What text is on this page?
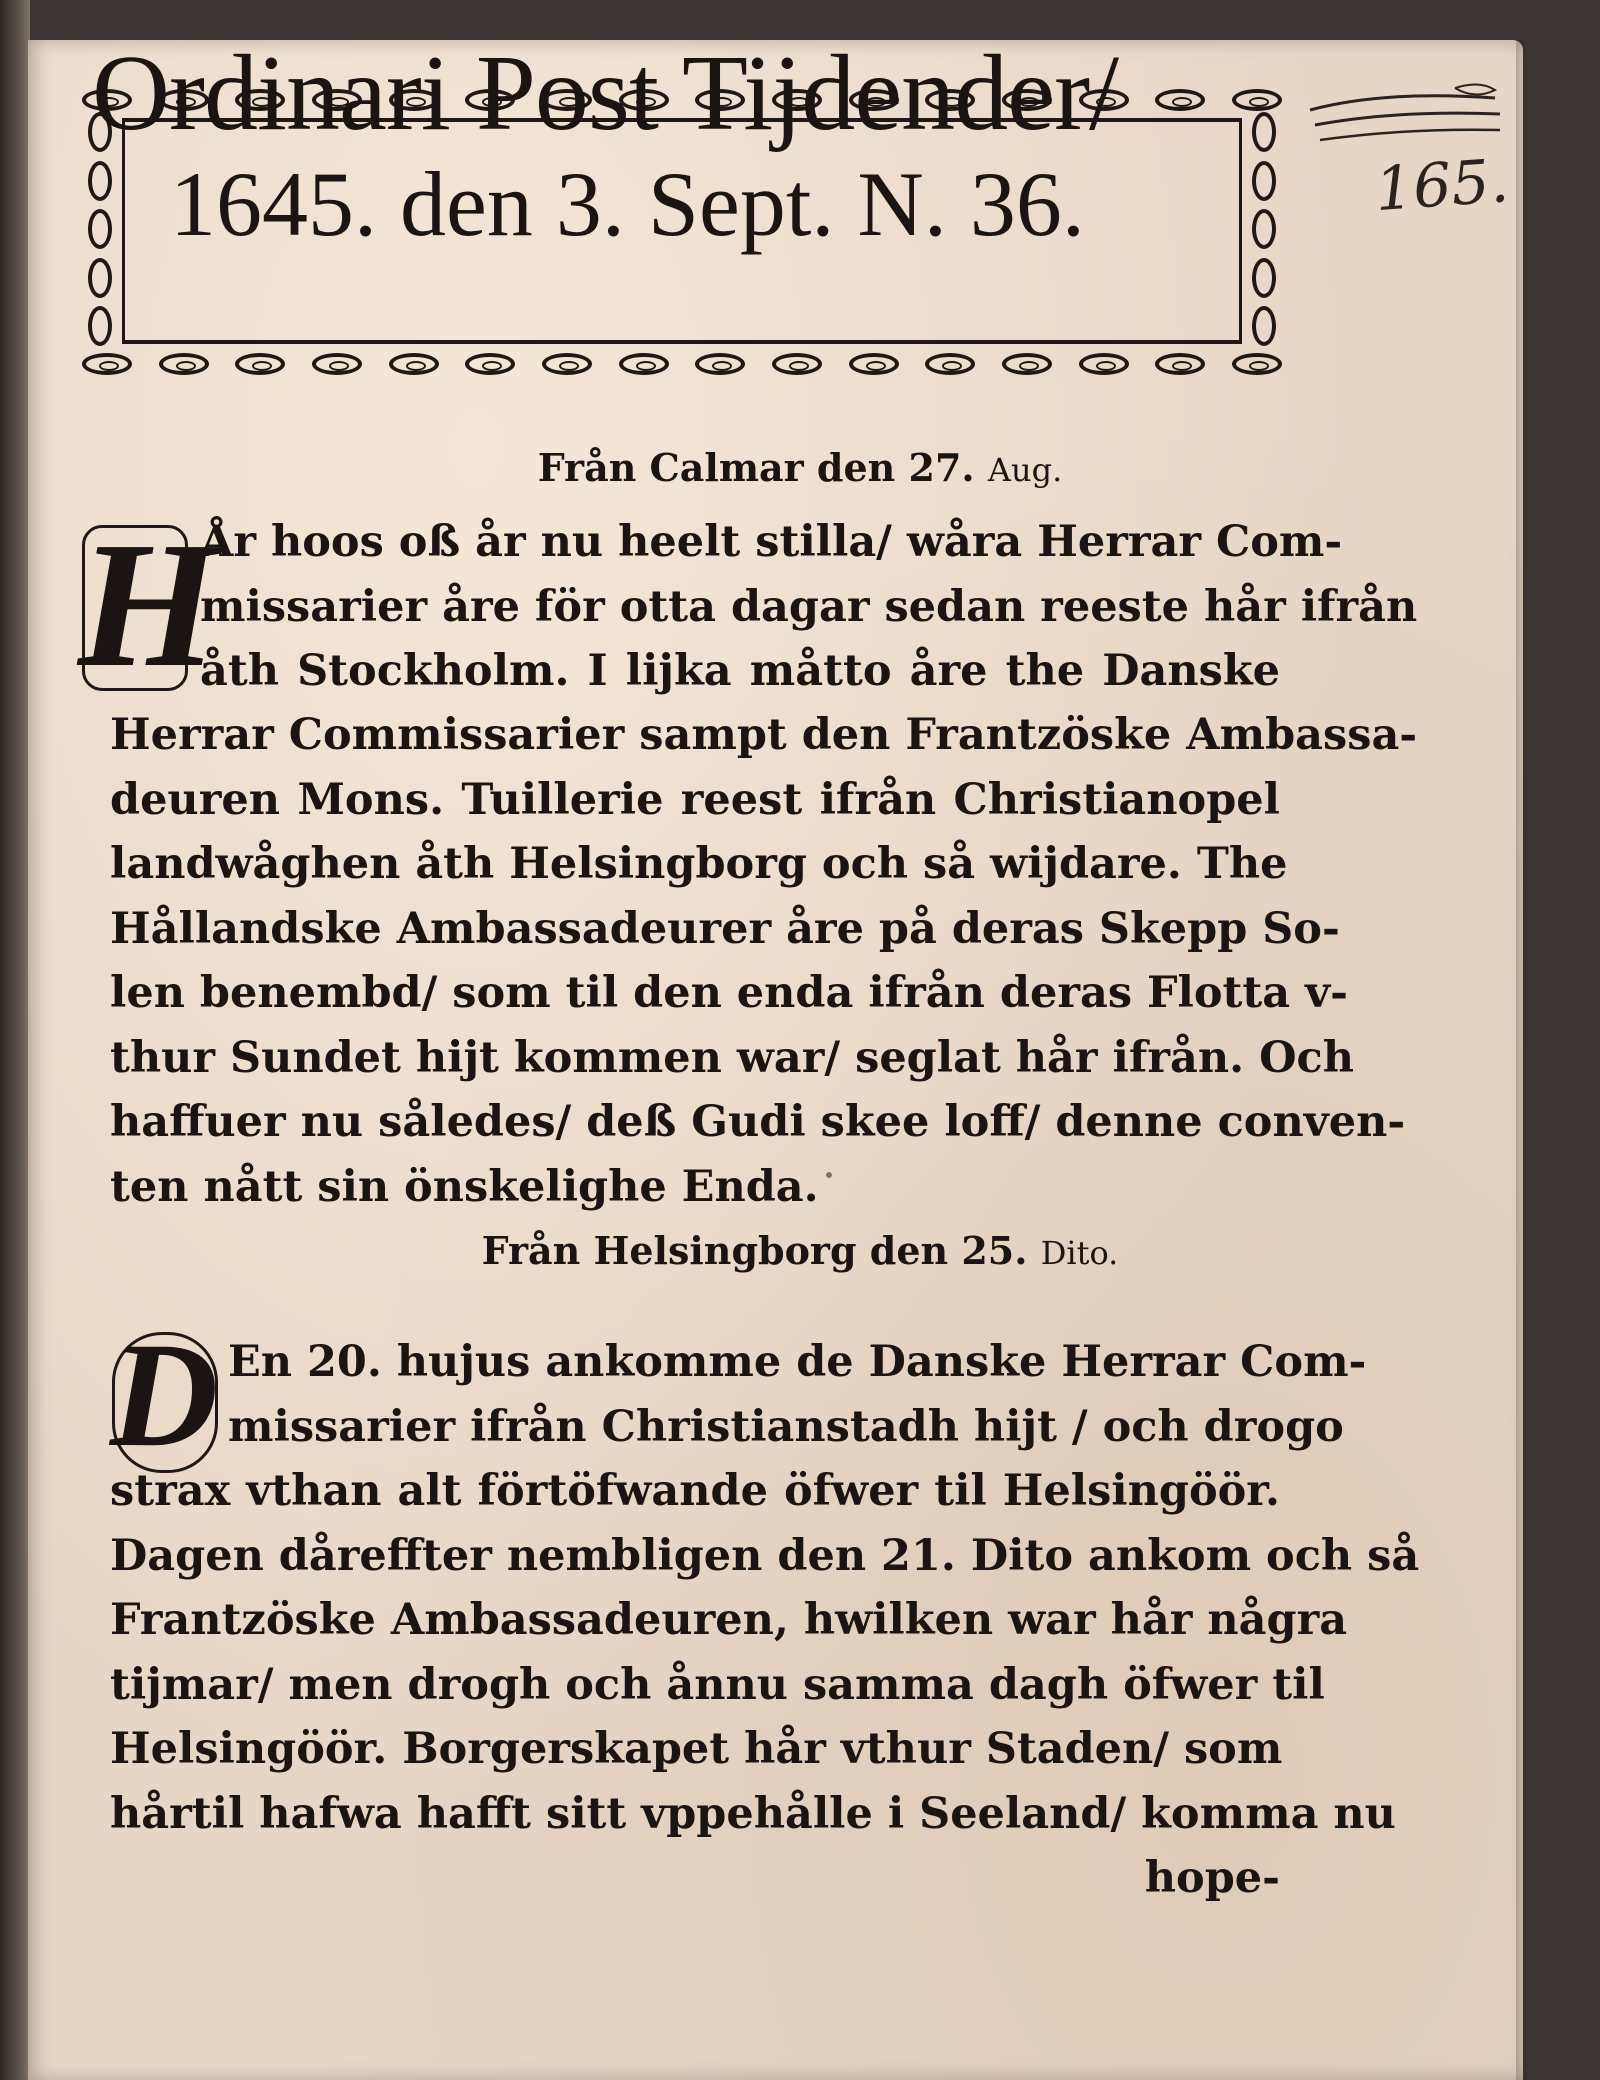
Ordinari Post Tijdender/
1645. den 3. Sept. N. 36.	165.
Från Calmar den 27. Aug.
H
År hoos oß år nu heelt stilla/ wåra Herrar Com-
missarier åre för otta dagar sedan reeste hår ifrån
åth Stockholm. I lijka måtto åre the Danske
Herrar Commissarier sampt den Frantzöske Ambassa-
deuren Mons. Tuillerie reest ifrån Christianopel
landwåghen åth Helsingborg och så wijdare. The
Hållandske Ambassadeurer åre på deras Skepp So-
len benembd/ som til den enda ifrån deras Flotta v-
thur Sundet hijt kommen war/ seglat hår ifrån. Och
haffuer nu således/ deß Gudi skee loff/ denne conven-
ten nått sin önskelighe Enda.
Från Helsingborg den 25. Dito.
D En 20. hujus ankomme de Danske Herrar Com-
missarier ifrån Christianstadh hijt / och drogo
strax vthan alt förtöfwande öfwer til Helsingöör.
Dagen dåreffter nembligen den 21. Dito ankom och så
Frantzöske Ambassadeuren, hwilken war hår några
tijmar/ men drogh och ånnu samma dagh öfwer til
Helsingöör. Borgerskapet hår vthur Staden/ som
hårtil hafwa hafft sitt vppehålle i Seeland/ komma nu
hope-
